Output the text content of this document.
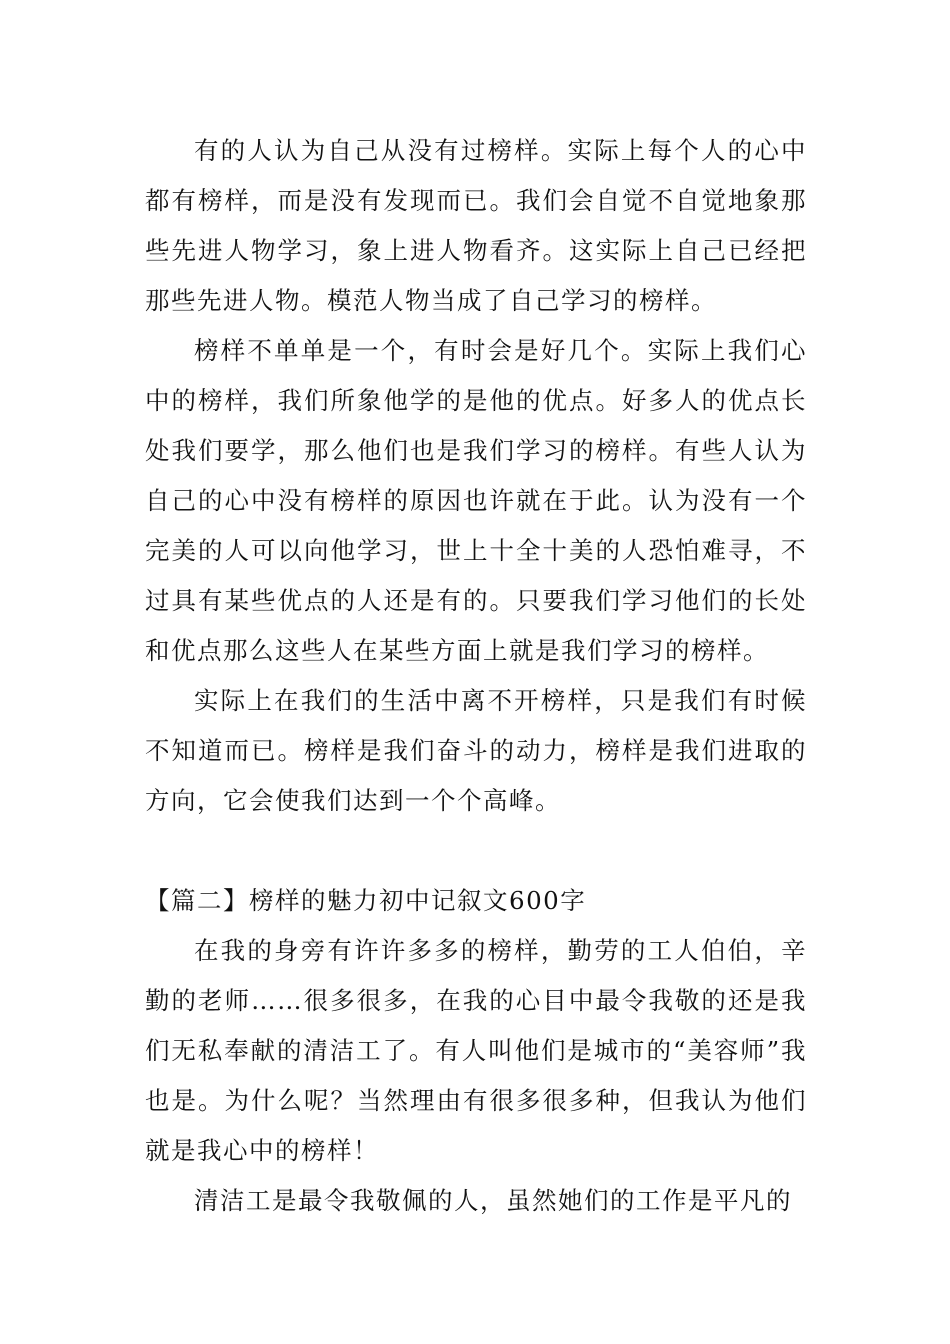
有的人认为自己从没有过榜样。实际上每个人的心中都有榜样，而是没有发现而已。我们会自觉不自觉地象那些先进人物学习，象上进人物看齐。这实际上自己已经把那些先进人物。模范人物当成了自己学习的榜样。

榜样不单单是一个，有时会是好几个。实际上我们心中的榜样，我们所象他学的是他的优点。好多人的优点长处我们要学，那么他们也是我们学习的榜样。有些人认为自己的心中没有榜样的原因也许就在于此。认为没有一个完美的人可以向他学习，世上十全十美的人恐怕难寻，不过具有某些优点的人还是有的。只要我们学习他们的长处和优点那么这些人在某些方面上就是我们学习的榜样。

实际上在我们的生活中离不开榜样，只是我们有时候不知道而已。榜样是我们奋斗的动力，榜样是我们进取的方向，它会使我们达到一个个高峰。

【篇二】榜样的魅力初中记叙文600字

在我的身旁有许许多多的榜样，勤劳的工人伯伯，辛勤的老师……很多很多，在我的心目中最令我敬的还是我们无私奉献的清洁工了。有人叫他们是城市的“美容师”我也是。为什么呢？当然理由有很多很多种，但我认为他们就是我心中的榜样！

清洁工是最令我敬佩的人，虽然她们的工作是平凡的
